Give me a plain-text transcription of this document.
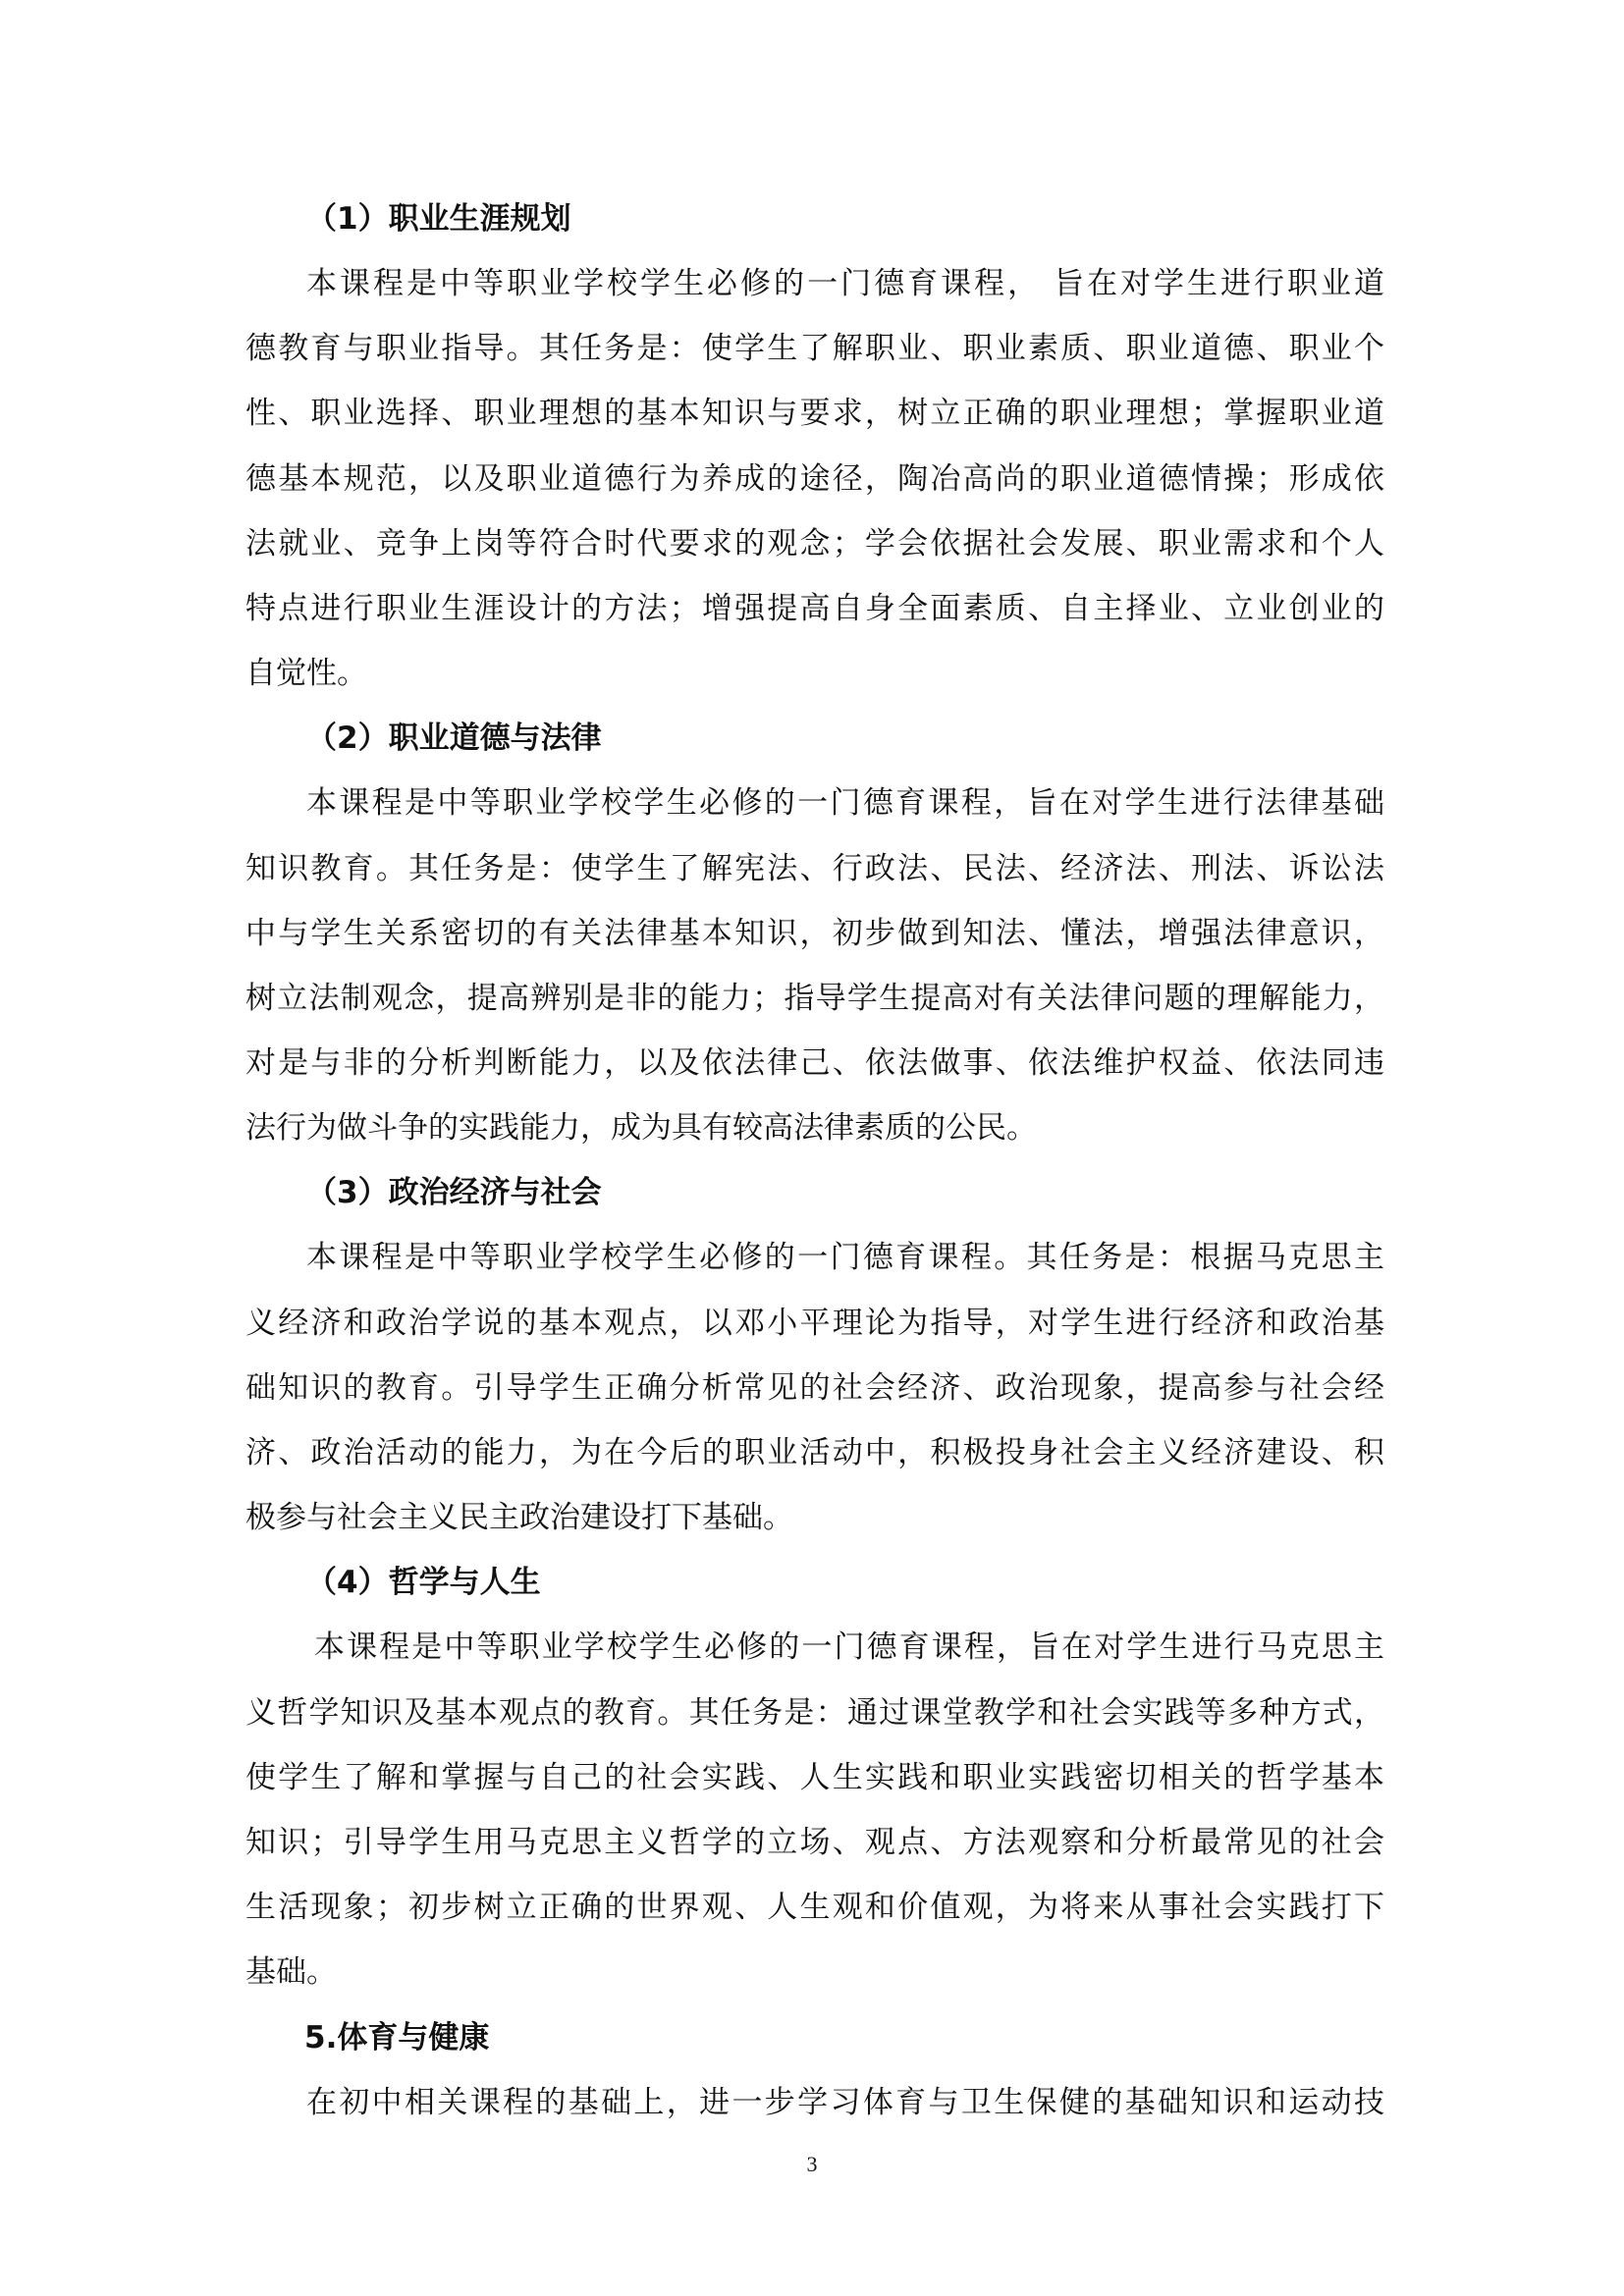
（1）职业生涯规划
本课程是中等职业学校学生必修的一门德育课程， 旨在对学生进行职业道
德教育与职业指导。其任务是：使学生了解职业、职业素质、职业道德、职业个
性、职业选择、职业理想的基本知识与要求，树立正确的职业理想；掌握职业道
德基本规范，以及职业道德行为养成的途径，陶冶高尚的职业道德情操；形成依
法就业、竞争上岗等符合时代要求的观念；学会依据社会发展、职业需求和个人
特点进行职业生涯设计的方法；增强提高自身全面素质、自主择业、立业创业的
自觉性。
（2）职业道德与法律
本课程是中等职业学校学生必修的一门德育课程，旨在对学生进行法律基础
知识教育。其任务是：使学生了解宪法、行政法、民法、经济法、刑法、诉讼法
中与学生关系密切的有关法律基本知识，初步做到知法、懂法，增强法律意识，
树立法制观念，提高辨别是非的能力；指导学生提高对有关法律问题的理解能力，
对是与非的分析判断能力，以及依法律己、依法做事、依法维护权益、依法同违
法行为做斗争的实践能力，成为具有较高法律素质的公民。
（3）政治经济与社会
本课程是中等职业学校学生必修的一门德育课程。其任务是：根据马克思主
义经济和政治学说的基本观点，以邓小平理论为指导，对学生进行经济和政治基
础知识的教育。引导学生正确分析常见的社会经济、政治现象，提高参与社会经
济、政治活动的能力，为在今后的职业活动中，积极投身社会主义经济建设、积
极参与社会主义民主政治建设打下基础。
（4）哲学与人生
本课程是中等职业学校学生必修的一门德育课程，旨在对学生进行马克思主
义哲学知识及基本观点的教育。其任务是：通过课堂教学和社会实践等多种方式，
使学生了解和掌握与自己的社会实践、人生实践和职业实践密切相关的哲学基本
知识；引导学生用马克思主义哲学的立场、观点、方法观察和分析最常见的社会
生活现象；初步树立正确的世界观、人生观和价值观，为将来从事社会实践打下
基础。
5.体育与健康
在初中相关课程的基础上，进一步学习体育与卫生保健的基础知识和运动技
3
